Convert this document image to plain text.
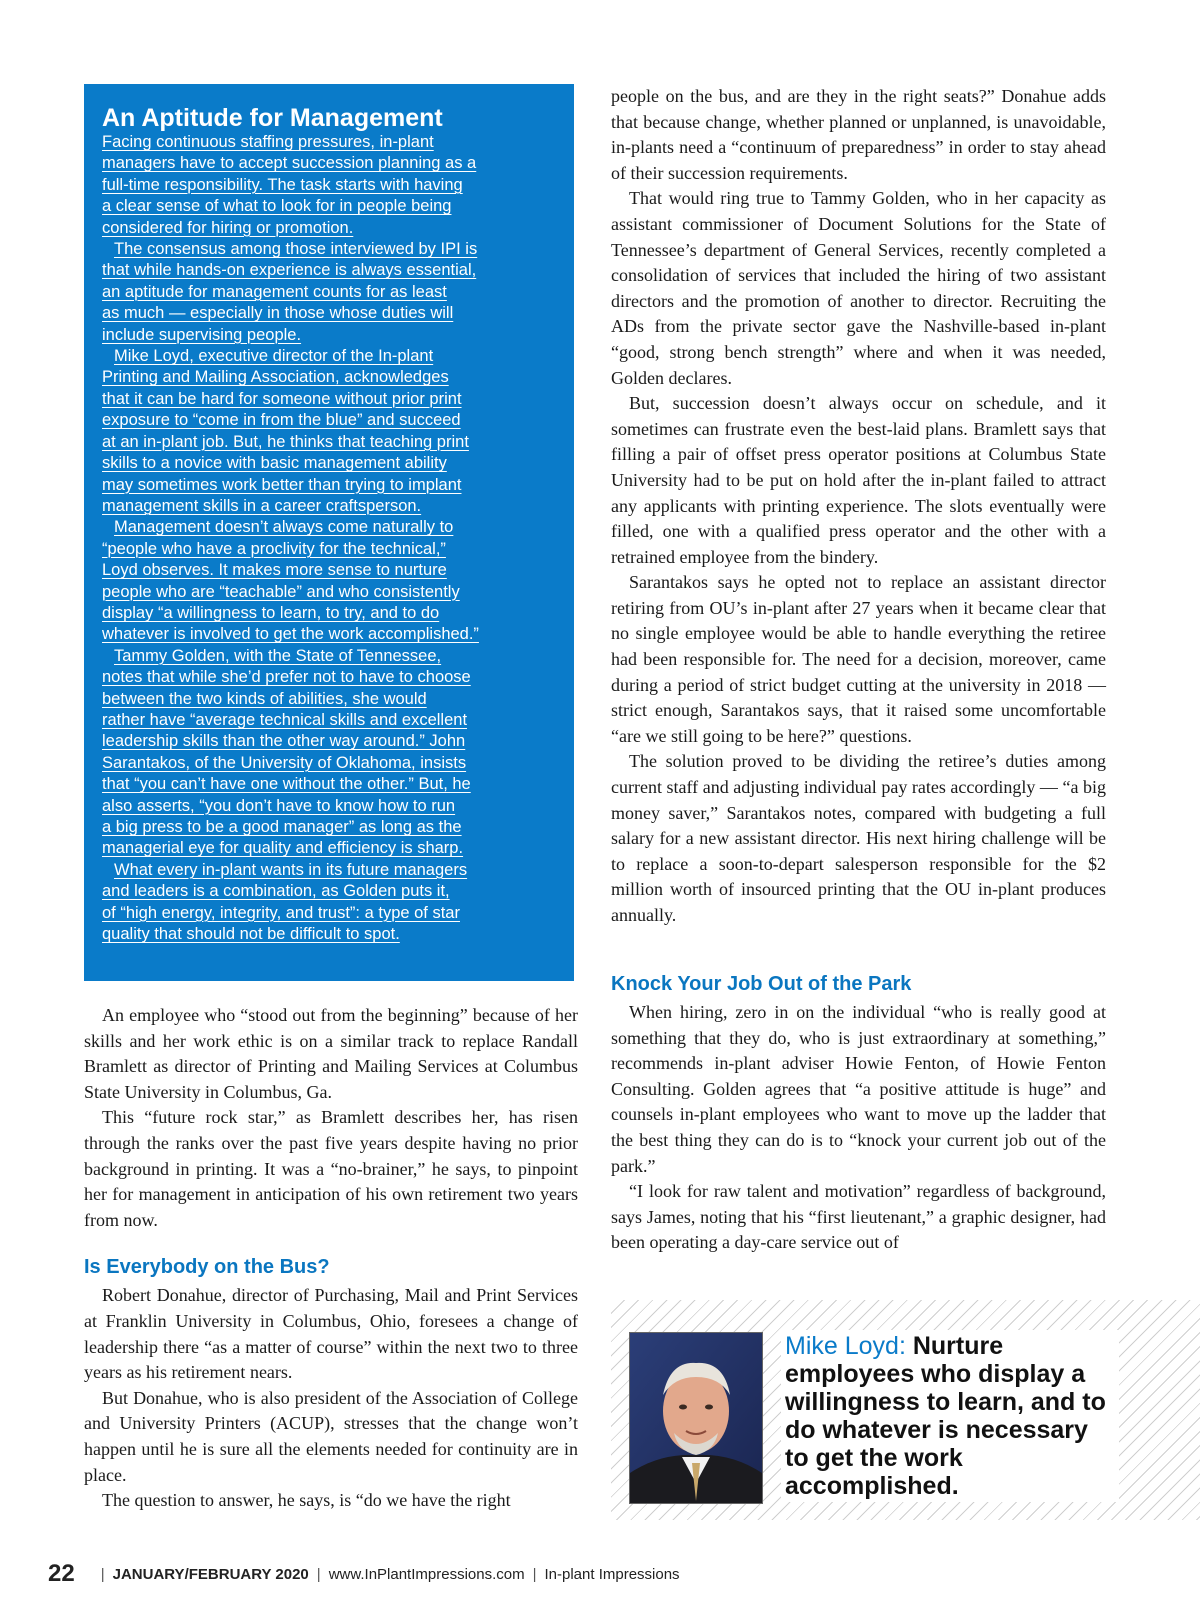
An Aptitude for Management
Facing continuous staffing pressures, in-plant
managers have to accept succession planning as a
full-time responsibility. The task starts with having
a clear sense of what to look for in people being
considered for hiring or promotion.
The consensus among those interviewed by IPI is
that while hands-on experience is always essential,
an aptitude for management counts for as least
as much — especially in those whose duties will
include supervising people.
Mike Loyd, executive director of the In-plant
Printing and Mailing Association, acknowledges
that it can be hard for someone without prior print
exposure to “come in from the blue” and succeed
at an in-plant job. But, he thinks that teaching print
skills to a novice with basic management ability
may sometimes work better than trying to implant
management skills in a career craftsperson.
Management doesn’t always come naturally to
“people who have a proclivity for the technical,”
Loyd observes. It makes more sense to nurture
people who are “teachable” and who consistently
display “a willingness to learn, to try, and to do
whatever is involved to get the work accomplished.”
Tammy Golden, with the State of Tennessee,
notes that while she’d prefer not to have to choose
between the two kinds of abilities, she would
rather have “average technical skills and excellent
leadership skills than the other way around.” John
Sarantakos, of the University of Oklahoma, insists
that “you can’t have one without the other.” But, he
also asserts, “you don’t have to know how to run
a big press to be a good manager” as long as the
managerial eye for quality and efficiency is sharp.
What every in-plant wants in its future managers
and leaders is a combination, as Golden puts it,
of “high energy, integrity, and trust”: a type of star
quality that should not be difficult to spot.

An employee who “stood out from the beginning” because of her skills and her work ethic is on a similar track to replace Randall Bramlett as director of Printing and Mailing Services at Columbus State University in Columbus, Ga.

This “future rock star,” as Bramlett describes her, has risen through the ranks over the past five years despite having no prior background in printing. It was a “no-brainer,” he says, to pinpoint her for management in anticipation of his own retirement two years from now.

Is Everybody on the Bus?

Robert Donahue, director of Purchasing, Mail and Print Services at Franklin University in Columbus, Ohio, foresees a change of leadership there “as a matter of course” within the next two to three years as his retirement nears.

But Donahue, who is also president of the Association of College and University Printers (ACUP), stresses that the change won’t happen until he is sure all the elements needed for continuity are in place.

The question to answer, he says, is “do we have the right

people on the bus, and are they in the right seats?” Donahue adds that because change, whether planned or unplanned, is unavoidable, in-plants need a “continuum of preparedness” in order to stay ahead of their succession requirements.

That would ring true to Tammy Golden, who in her capacity as assistant commissioner of Document Solutions for the State of Tennessee’s department of General Services, recently completed a consolidation of services that included the hiring of two assistant directors and the promotion of another to director. Recruiting the ADs from the private sector gave the Nashville-based in-plant “good, strong bench strength” where and when it was needed, Golden declares.

But, succession doesn’t always occur on schedule, and it sometimes can frustrate even the best-laid plans. Bramlett says that filling a pair of offset press operator positions at Columbus State University had to be put on hold after the in-plant failed to attract any applicants with printing experience. The slots eventually were filled, one with a qualified press operator and the other with a retrained employee from the bindery.

Sarantakos says he opted not to replace an assistant director retiring from OU’s in-plant after 27 years when it became clear that no single employee would be able to handle everything the retiree had been responsible for. The need for a decision, moreover, came during a period of strict budget cutting at the university in 2018 — strict enough, Sarantakos says, that it raised some uncomfortable “are we still going to be here?” questions.

The solution proved to be dividing the retiree’s duties among current staff and adjusting individual pay rates accordingly — “a big money saver,” Sarantakos notes, compared with budgeting a full salary for a new assistant director. His next hiring challenge will be to replace a soon-to-depart salesperson responsible for the $2 million worth of insourced printing that the OU in-plant produces annually.

Knock Your Job Out of the Park

When hiring, zero in on the individual “who is really good at something that they do, who is just extraordinary at something,” recommends in-plant adviser Howie Fenton, of Howie Fenton Consulting. Golden agrees that “a positive attitude is huge” and counsels in-plant employees who want to move up the ladder that the best thing they can do is to “knock your current job out of the park.”

“I look for raw talent and motivation” regardless of background, says James, noting that his “first lieutenant,” a graphic designer, had been operating a day-care service out of

Mike Loyd: Nurture employees who display a willingness to learn, and to do whatever is necessary to get the work accomplished.
22 | JANUARY/FEBRUARY 2020 | www.InPlantImpressions.com | In-plant Impressions
